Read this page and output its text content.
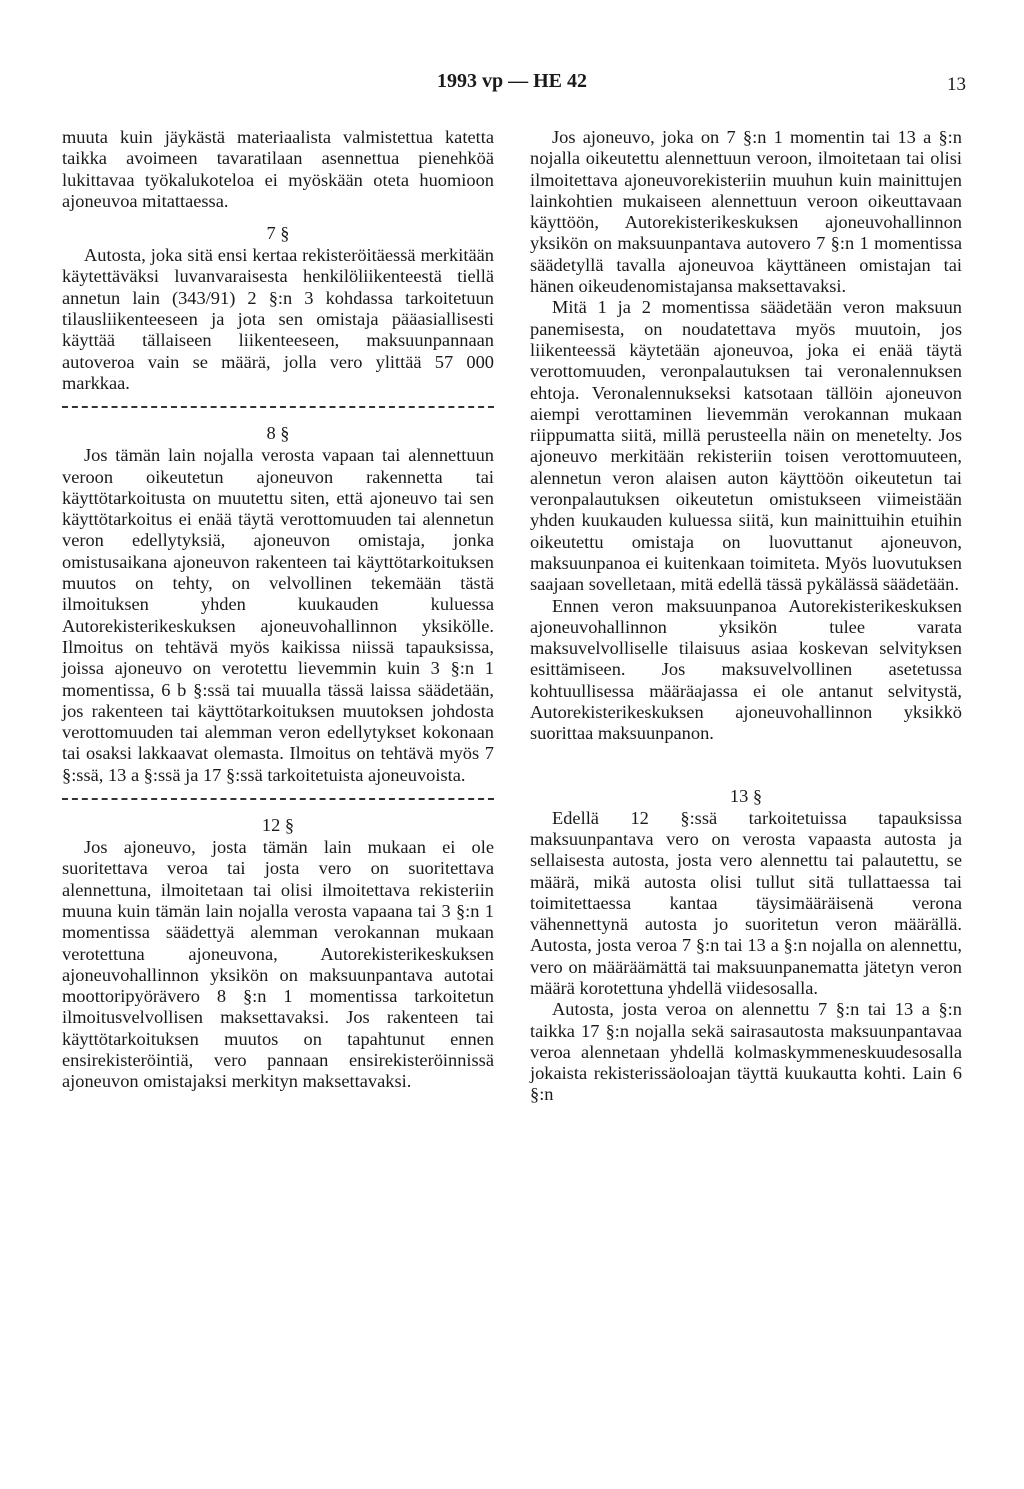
1993 vp — HE 42	13

muuta kuin jäykästä materiaalista valmistettua katetta taikka avoimeen tavaratilaan asennettua pienehköä lukittavaa työkalukoteloa ei myöskään oteta huomioon ajoneuvoa mitattaessa.

7 §

Autosta, joka sitä ensi kertaa rekisteröitäessä merkitään käytettäväksi luvanvaraisesta henkilöliikenteestä tiellä annetun lain (343/91) 2 §:n 3 kohdassa tarkoitetuun tilausliikenteeseen ja jota sen omistaja pääasiallisesti käyttää tällaiseen liikenteeseen, maksuunpannaan autoveroa vain se määrä, jolla vero ylittää 57 000 markkaa.

8 §

Jos tämän lain nojalla verosta vapaan tai alennettuun veroon oikeutetun ajoneuvon rakennetta tai käyttötarkoitusta on muutettu siten, että ajoneuvo tai sen käyttötarkoitus ei enää täytä verottomuuden tai alennetun veron edellytyksiä, ajoneuvon omistaja, jonka omistusaikana ajoneuvon rakenteen tai käyttötarkoituksen muutos on tehty, on velvollinen tekemään tästä ilmoituksen yhden kuukauden kuluessa Autorekisterikeskuksen ajoneuvohallinnon yksikölle. Ilmoitus on tehtävä myös kaikissa niissä tapauksissa, joissa ajoneuvo on verotettu lievemmin kuin 3 §:n 1 momentissa, 6 b §:ssä tai muualla tässä laissa säädetään, jos rakenteen tai käyttötarkoituksen muutoksen johdosta verottomuuden tai alemman veron edellytykset kokonaan tai osaksi lakkaavat olemasta. Ilmoitus on tehtävä myös 7 §:ssä, 13 a §:ssä ja 17 §:ssä tarkoitetuista ajoneuvoista.

12 §

Jos ajoneuvo, josta tämän lain mukaan ei ole suoritettava veroa tai josta vero on suoritettava alennettuna, ilmoitetaan tai olisi ilmoitettava rekisteriin muuna kuin tämän lain nojalla verosta vapaana tai 3 §:n 1 momentissa säädettyä alemman verokannan mukaan verotettuna ajoneuvona, Autorekisterikeskuksen ajoneuvohallinnon yksikön on maksuunpantava autotai moottoripyörävero 8 §:n 1 momentissa tarkoitetun ilmoitusvelvollisen maksettavaksi. Jos rakenteen tai käyttötarkoituksen muutos on tapahtunut ennen ensirekisteröintiä, vero pannaan ensirekisteröinnissä ajoneuvon omistajaksi merkityn maksettavaksi.

Jos ajoneuvo, joka on 7 §:n 1 momentin tai 13 a §:n nojalla oikeutettu alennettuun veroon, ilmoitetaan tai olisi ilmoitettava ajoneuvorekisteriin muuhun kuin mainittujen lainkohtien mukaiseen alennettuun veroon oikeuttavaan käyttöön, Autorekisterikeskuksen ajoneuvohallinnon yksikön on maksuunpantava autovero 7 §:n 1 momentissa säädetyllä tavalla ajoneuvoa käyttäneen omistajan tai hänen oikeudenomistajansa maksettavaksi.

Mitä 1 ja 2 momentissa säädetään veron maksuun panemisesta, on noudatettava myös muutoin, jos liikenteessä käytetään ajoneuvoa, joka ei enää täytä verottomuuden, veronpalautuksen tai veronalennuksen ehtoja. Veronalennukseksi katsotaan tällöin ajoneuvon aiempi verottaminen lievemmän verokannan mukaan riippumatta siitä, millä perusteella näin on menetelty. Jos ajoneuvo merkitään rekisteriin toisen verottomuuteen, alennetun veron alaisen auton käyttöön oikeutetun tai veronpalautuksen oikeutetun omistukseen viimeistään yhden kuukauden kuluessa siitä, kun mainittuihin etuihin oikeutettu omistaja on luovuttanut ajoneuvon, maksuunpanoa ei kuitenkaan toimiteta. Myös luovutuksen saajaan sovelletaan, mitä edellä tässä pykälässä säädetään.

Ennen veron maksuunpanoa Autorekisterikeskuksen ajoneuvohallinnon yksikön tulee varata maksuvelvolliselle tilaisuus asiaa koskevan selvityksen esittämiseen. Jos maksuvelvollinen asetetussa kohtuullisessa määräajassa ei ole antanut selvitystä, Autorekisterikeskuksen ajoneuvohallinnon yksikkö suorittaa maksuunpanon.

13 §

Edellä 12 §:ssä tarkoitetuissa tapauksissa maksuunpantava vero on verosta vapaasta autosta ja sellaisesta autosta, josta vero alennettu tai palautettu, se määrä, mikä autosta olisi tullut sitä tullattaessa tai toimitettaessa kantaa täysimääräisenä verona vähennettynä autosta jo suoritetun veron määrällä. Autosta, josta veroa 7 §:n tai 13 a §:n nojalla on alennettu, vero on määräämättä tai maksuunpanematta jätetyn veron määrä korotettuna yhdellä viidesosalla.

Autosta, josta veroa on alennettu 7 §:n tai 13 a §:n taikka 17 §:n nojalla sekä sairasautosta maksuunpantavaa veroa alennetaan yhdellä kolmaskymmeneskuudesosalla jokaista rekisterissäoloajan täyttä kuukautta kohti. Lain 6 §:n
